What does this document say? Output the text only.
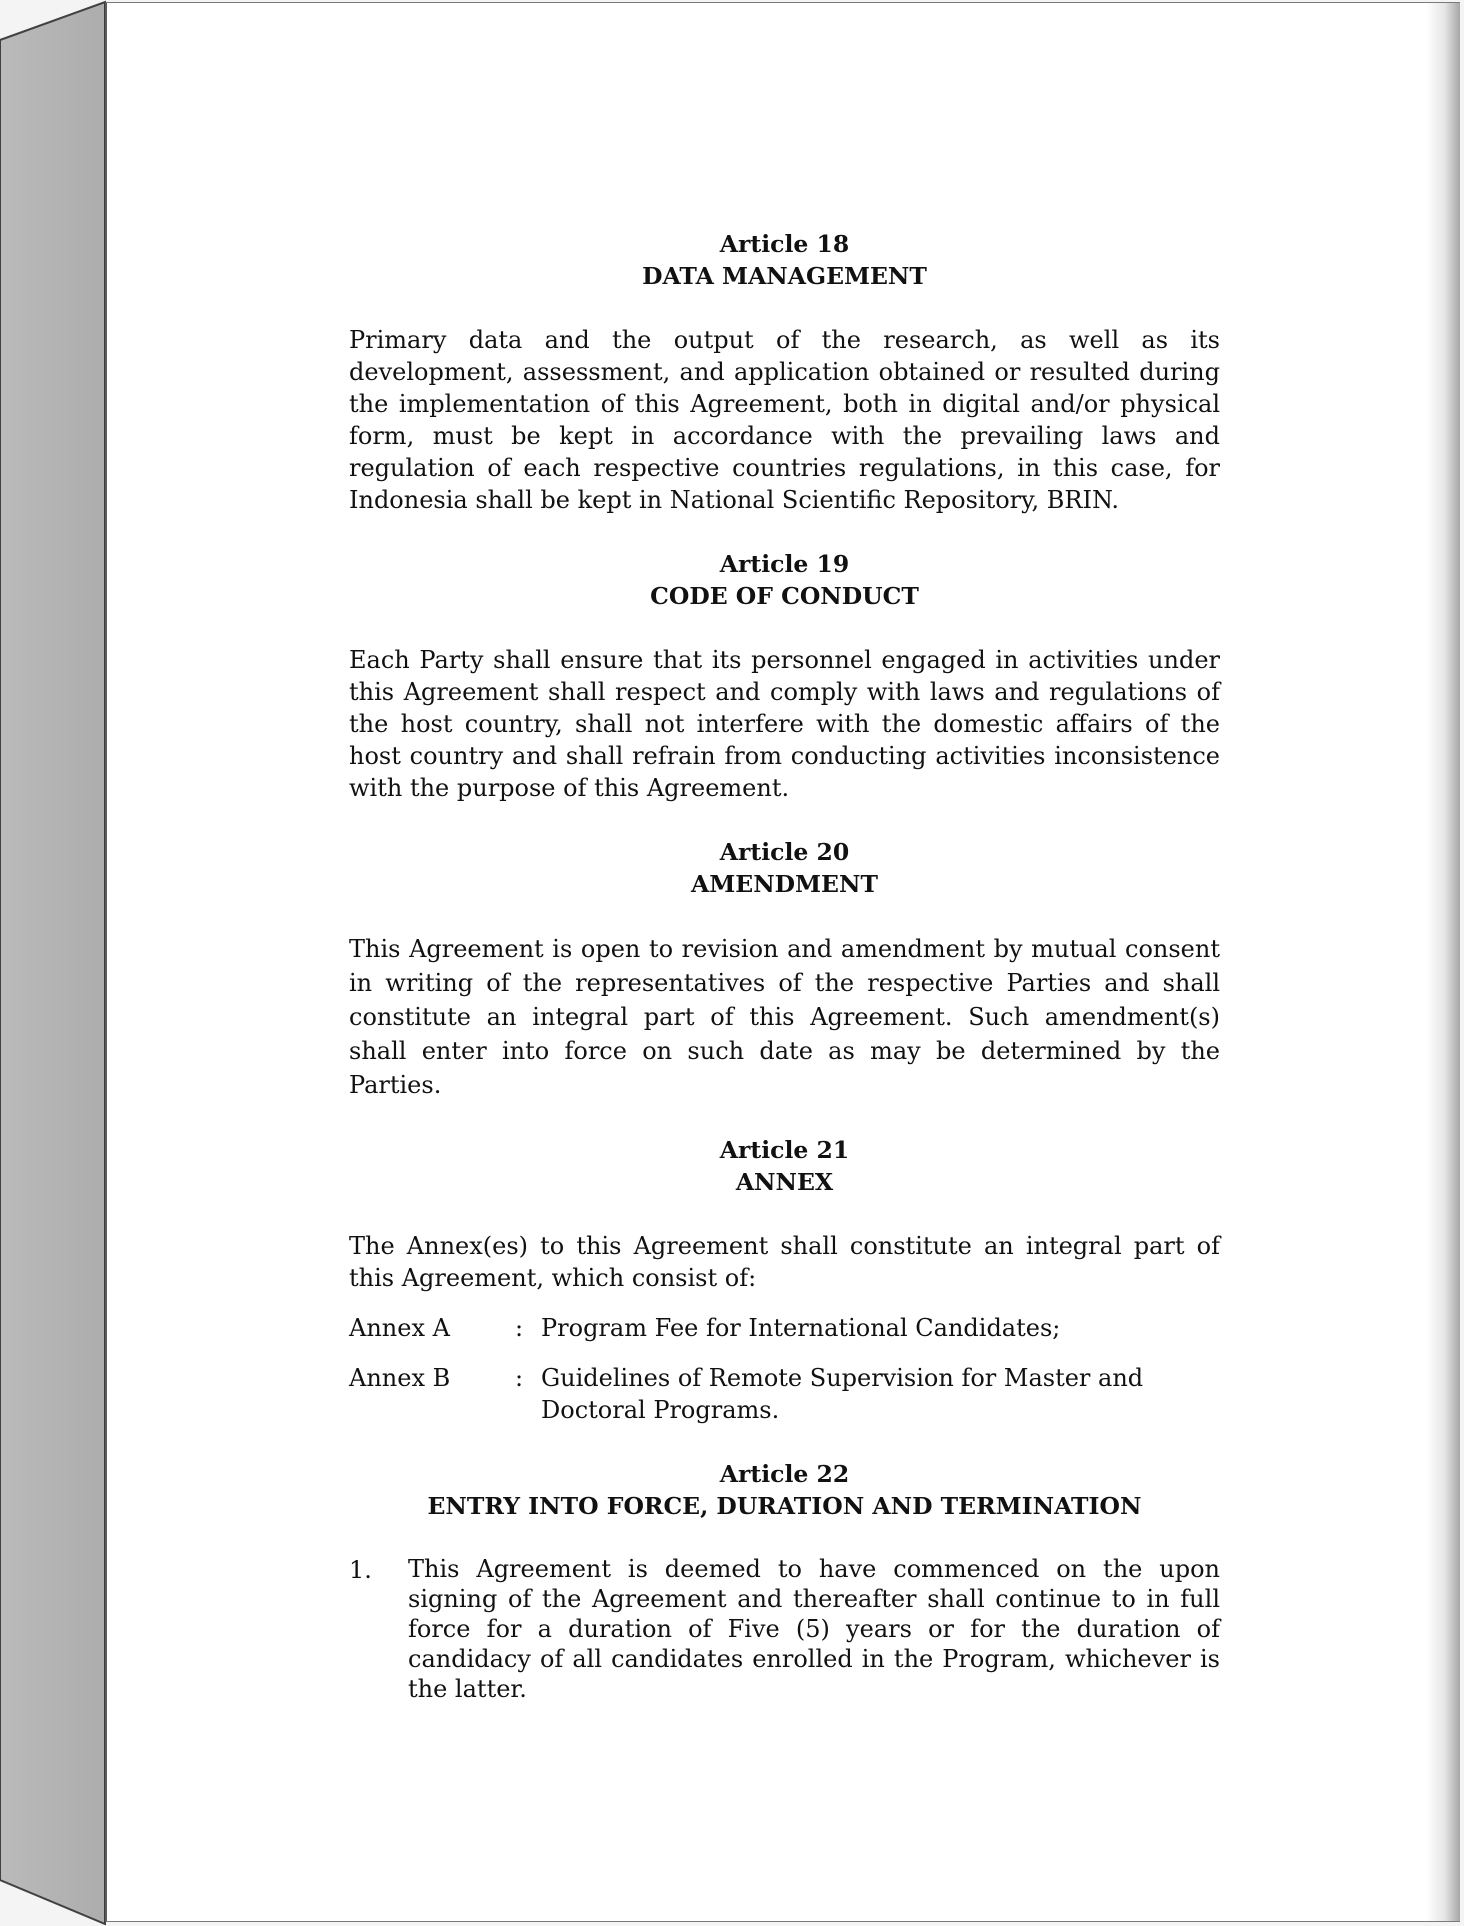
Article 18
DATA MANAGEMENT

Primary data and the output of the research, as well as its development, assessment, and application obtained or resulted during the implementation of this Agreement, both in digital and/or physical form, must be kept in accordance with the prevailing laws and regulation of each respective countries regulations, in this case, for Indonesia shall be kept in National Scientific Repository, BRIN.

Article 19
CODE OF CONDUCT

Each Party shall ensure that its personnel engaged in activities under this Agreement shall respect and comply with laws and regulations of the host country, shall not interfere with the domestic affairs of the host country and shall refrain from conducting activities inconsistence with the purpose of this Agreement.

Article 20
AMENDMENT

This Agreement is open to revision and amendment by mutual consent in writing of the representatives of the respective Parties and shall constitute an integral part of this Agreement. Such amendment(s) shall enter into force on such date as may be determined by the Parties.

Article 21
ANNEX

The Annex(es) to this Agreement shall constitute an integral part of this Agreement, which consist of:

Annex A	: Program Fee for International Candidates;
Annex B	: Guidelines of Remote Supervision for Master and Doctoral Programs.
Article 22
ENTRY INTO FORCE, DURATION AND TERMINATION
1.	This Agreement is deemed to have commenced on the upon signing of the Agreement and thereafter shall continue to in full force for a duration of Five (5) years or for the duration of candidacy of all candidates enrolled in the Program, whichever is the latter.
